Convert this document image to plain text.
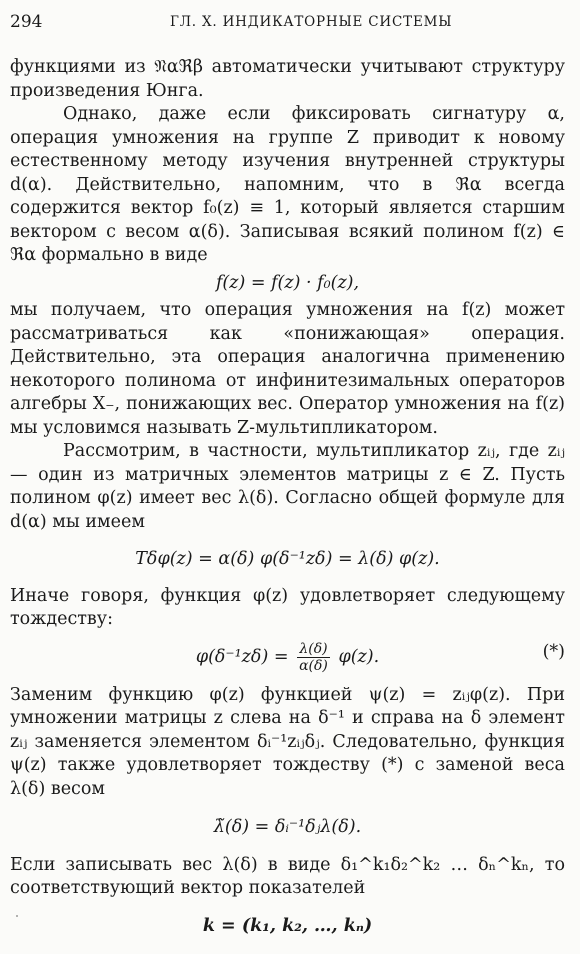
294	ГЛ. X. ИНДИКАТОРНЫЕ СИСТЕМЫ

функциями из 𝔑αℜβ автоматически учитывают структуру произведения Юнга.

Однако, даже если фиксировать сигнатуру α, операция умножения на группе Z приводит к новому естественному методу изучения внутренней структуры d(α). Действительно, напомним, что в ℜα всегда содержится вектор f₀(z) ≡ 1, который является старшим вектором с весом α(δ). Записывая всякий полином f(z) ∈ ℜα формально в виде

f(z) = f(z) · f₀(z),

мы получаем, что операция умножения на f(z) может рассматриваться как «понижающая» операция. Действительно, эта операция аналогична применению некоторого полинома от инфинитезимальных операторов алгебры X₋, понижающих вес. Оператор умножения на f(z) мы условимся называть Z-мультипликатором.

Рассмотрим, в частности, мультипликатор zᵢⱼ, где zᵢⱼ — один из матричных элементов матрицы z ∈ Z. Пусть полином φ(z) имеет вес λ(δ). Согласно общей формуле для d(α) мы имеем

Tδφ(z) = α(δ) φ(δ⁻¹zδ) = λ(δ) φ(z).

Иначе говоря, функция φ(z) удовлетворяет следующему тождеству:

$\varphi(\delta^{-1}z\delta) = \frac{\lambda(\delta)}{\alpha(\delta)} \varphi(z)$.	(*)

Заменим функцию φ(z) функцией ψ(z) = zᵢⱼφ(z). При умножении матрицы z слева на δ⁻¹ и справа на δ элемент zᵢⱼ заменяется элементом δᵢ⁻¹zᵢⱼδⱼ. Следовательно, функция ψ(z) также удовлетворяет тождеству (*) с заменой веса λ(δ) весом

λ̃(δ) = δᵢ⁻¹δⱼλ(δ).

Если записывать вес λ(δ) в виде δ₁^k₁δ₂^k₂ … δₙ^kₙ, то соответствующий вектор показателей

k = (k₁, k₂, …, kₙ)
